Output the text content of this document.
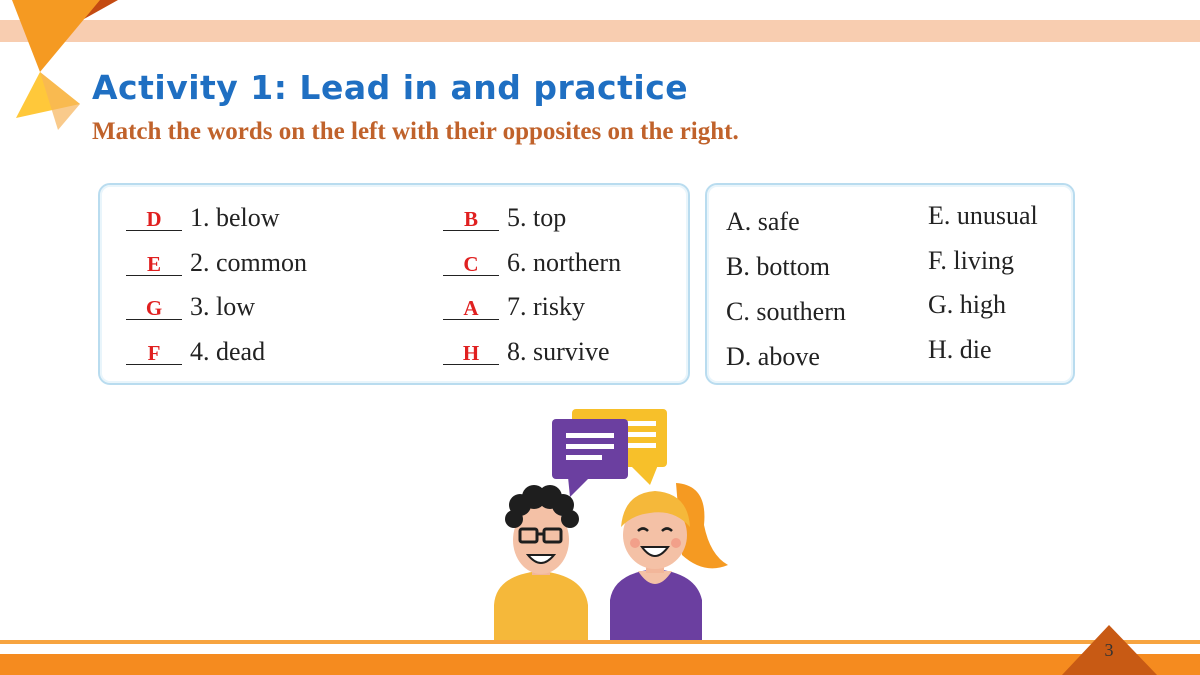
Activity 1: Lead in and practice

Match the words on the left with their opposites on the right.

D 1. below
E 2. common
G 3. low
F 4. dead
B 5. top
C 6. northern
A 7. risky
H 8. survive
A. safe
B. bottom
C. southern
D. above
E. unusual
F. living
G. high
H. die
3
